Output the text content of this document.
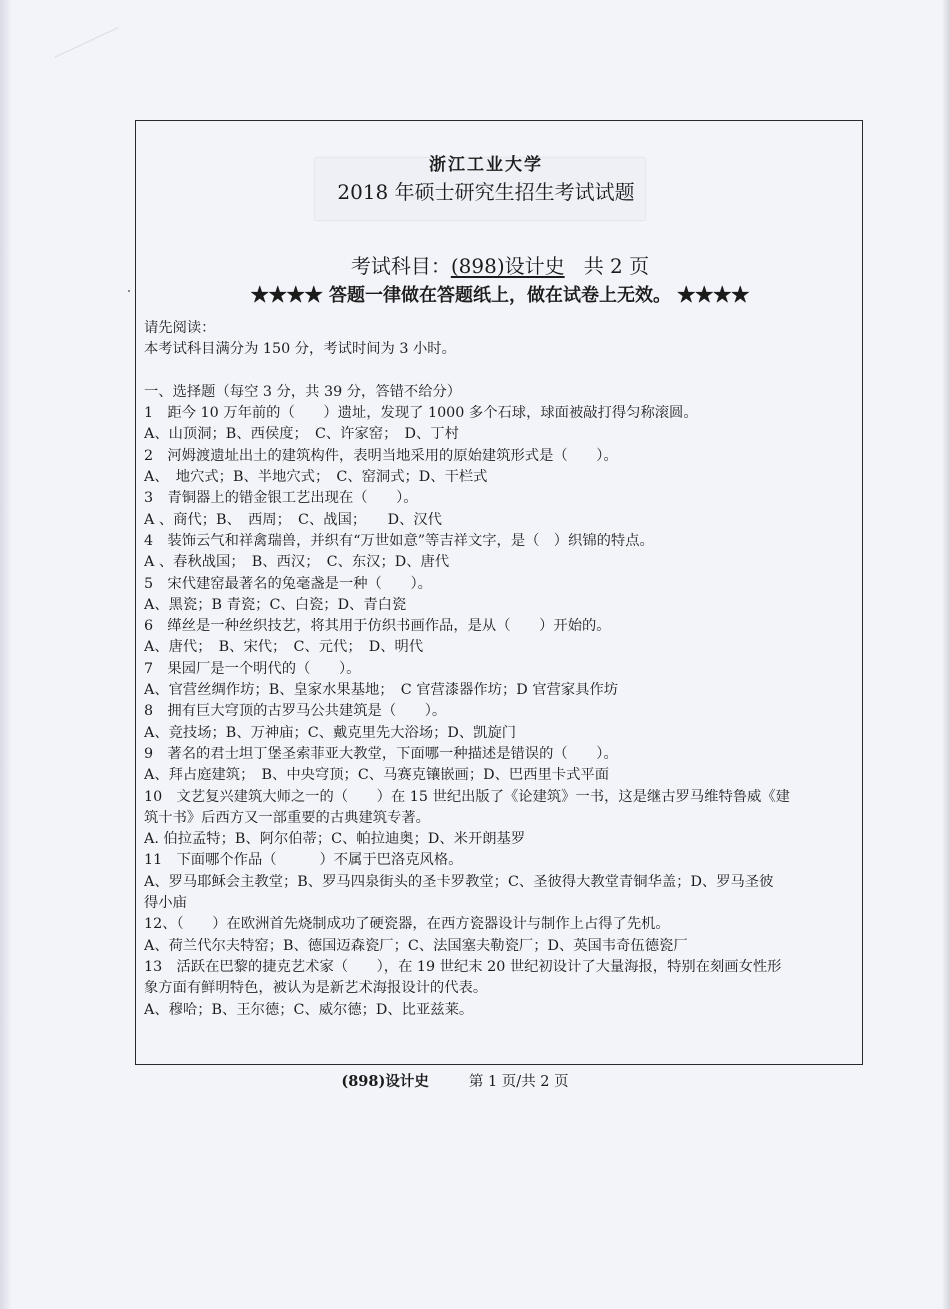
浙江工业大学
2018 年硕士研究生招生考试试题
考试科目：(898)设计史 共 2 页
★★★★ 答题一律做在答题纸上，做在试卷上无效。 ★★★★
请先阅读：
本考试科目满分为 150 分，考试时间为 3 小时。
一、选择题（每空 3 分，共 39 分，答错不给分）
1　距今 10 万年前的（　　）遗址，发现了 1000 多个石球，球面被敲打得匀称滚圆。
A、山顶洞；B、西侯度；　C、许家窑；　D、丁村
2　河姆渡遗址出土的建筑构件，表明当地采用的原始建筑形式是（　　）。
A、　地穴式；B、半地穴式；　C、窑洞式；D、干栏式
3　青铜器上的错金银工艺出现在（　　）。
A 、商代；B、　西周；　C、战国；　　D、汉代
4　装饰云气和祥禽瑞兽，并织有“万世如意”等吉祥文字，是（　）织锦的特点。
A 、春秋战国；　B、西汉；　C、东汉；D、唐代
5　宋代建窑最著名的兔毫盏是一种（　　）。
A、黑瓷；B 青瓷；C、白瓷；D、青白瓷
6　缂丝是一种丝织技艺，将其用于仿织书画作品，是从（　　）开始的。
A、唐代；　B、宋代；　C、元代；　D、明代
7　果园厂是一个明代的（　　）。
A、官营丝绸作坊；B、皇家水果基地；　C 官营漆器作坊；D 官营家具作坊
8　拥有巨大穹顶的古罗马公共建筑是（　　）。
A、竞技场；B、万神庙；C、戴克里先大浴场；D、凯旋门
9　著名的君士坦丁堡圣索菲亚大教堂，下面哪一种描述是错误的（　　）。
A、拜占庭建筑；　B、中央穹顶；C、马赛克镶嵌画；D、巴西里卡式平面
10　文艺复兴建筑大师之一的（　　）在 15 世纪出版了《论建筑》一书，这是继古罗马维特鲁威《建
筑十书》后西方又一部重要的古典建筑专著。
A. 伯拉孟特；B、阿尔伯蒂；C、帕拉迪奥；D、米开朗基罗
11　下面哪个作品（　　　）不属于巴洛克风格。
A、罗马耶稣会主教堂；B、罗马四泉街头的圣卡罗教堂；C、圣彼得大教堂青铜华盖；D、罗马圣彼
得小庙
12、（　　）在欧洲首先烧制成功了硬瓷器，在西方瓷器设计与制作上占得了先机。
A、荷兰代尔夫特窑；B、德国迈森瓷厂；C、法国塞夫勒瓷厂；D、英国韦奇伍德瓷厂
13　活跃在巴黎的捷克艺术家（　　），在 19 世纪末 20 世纪初设计了大量海报，特别在刻画女性形
象方面有鲜明特色，被认为是新艺术海报设计的代表。
A、穆哈；B、王尔德；C、威尔德；D、比亚兹莱。
(898)设计史	第 1 页/共 2 页
